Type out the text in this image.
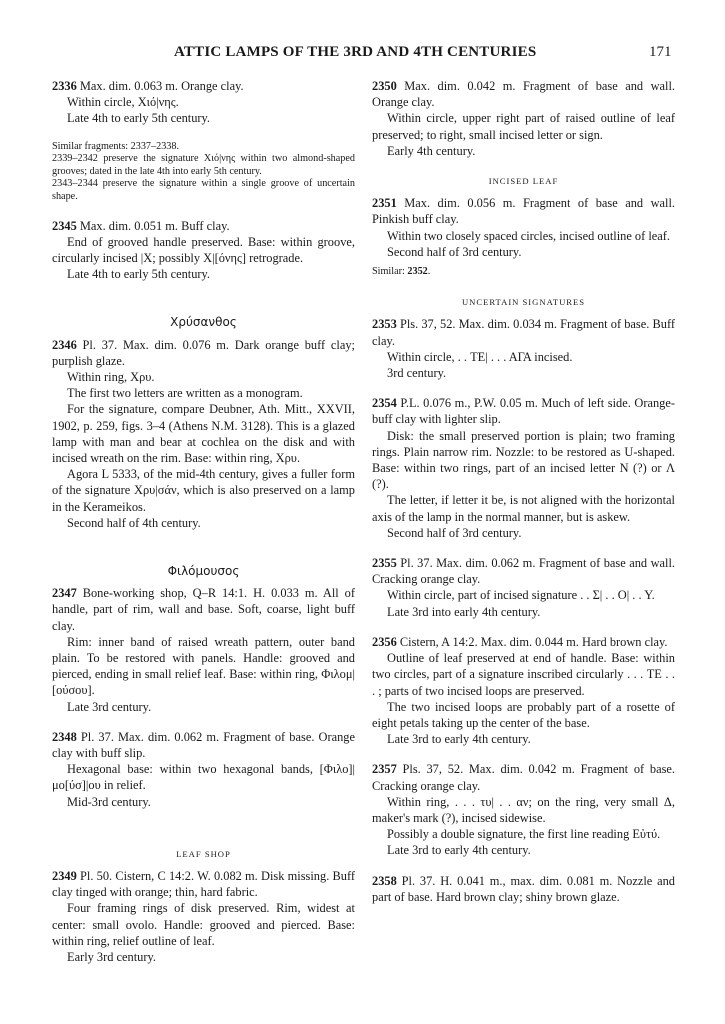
ATTIC LAMPS OF THE 3RD AND 4TH CENTURIES	171

2336 Max. dim. 0.063 m. Orange clay.

Within circle, Χιό|νης.

Late 4th to early 5th century.

Similar fragments: 2337–2338.

2339–2342 preserve the signature Χιό|νης within two almond-shaped grooves; dated in the late 4th into early 5th century.

2343–2344 preserve the signature within a single groove of uncertain shape.

2345 Max. dim. 0.051 m. Buff clay.

End of grooved handle preserved. Base: within groove, circularly incised |Χ; possibly Χ|[όνης] retrograde.

Late 4th to early 5th century.

Χρύσανθος

2346 Pl. 37. Max. dim. 0.076 m. Dark orange buff clay; purplish glaze.

Within ring, Χρυ.

The first two letters are written as a monogram.

For the signature, compare Deubner, Ath. Mitt., XXVII, 1902, p. 259, figs. 3–4 (Athens N.M. 3128). This is a glazed lamp with man and bear at cochlea on the disk and with incised wreath on the rim. Base: within ring, Χρυ.

Agora L 5333, of the mid-4th century, gives a fuller form of the signature Χρυ|σάν, which is also preserved on a lamp in the Kerameikos.

Second half of 4th century.

Φιλόμουσος

2347 Bone-working shop, Q–R 14:1. H. 0.033 m. All of handle, part of rim, wall and base. Soft, coarse, light buff clay.

Rim: inner band of raised wreath pattern, outer band plain. To be restored with panels. Handle: grooved and pierced, ending in small relief leaf. Base: within ring, Φιλομ|[ούσου].

Late 3rd century.

2348 Pl. 37. Max. dim. 0.062 m. Fragment of base. Orange clay with buff slip.

Hexagonal base: within two hexagonal bands, [Φιλο]|μο[ύσ]|ου in relief.

Mid-3rd century.

LEAF SHOP

2349 Pl. 50. Cistern, C 14:2. W. 0.082 m. Disk missing. Buff clay tinged with orange; thin, hard fabric.

Four framing rings of disk preserved. Rim, widest at center: small ovolo. Handle: grooved and pierced. Base: within ring, relief outline of leaf.

Early 3rd century.

2350 Max. dim. 0.042 m. Fragment of base and wall. Orange clay.

Within circle, upper right part of raised outline of leaf preserved; to right, small incised letter or sign.

Early 4th century.

INCISED LEAF

2351 Max. dim. 0.056 m. Fragment of base and wall. Pinkish buff clay.

Within two closely spaced circles, incised outline of leaf.

Second half of 3rd century.

Similar: 2352.

UNCERTAIN SIGNATURES

2353 Pls. 37, 52. Max. dim. 0.034 m. Fragment of base. Buff clay.

Within circle, . . ΤΕ| . . . ΑΓΑ incised.

3rd century.

2354 P.L. 0.076 m., P.W. 0.05 m. Much of left side. Orange-buff clay with lighter slip.

Disk: the small preserved portion is plain; two framing rings. Plain narrow rim. Nozzle: to be restored as U-shaped. Base: within two rings, part of an incised letter Ν (?) or Λ (?).

The letter, if letter it be, is not aligned with the horizontal axis of the lamp in the normal manner, but is askew.

Second half of 3rd century.

2355 Pl. 37. Max. dim. 0.062 m. Fragment of base and wall. Cracking orange clay.

Within circle, part of incised signature . . Σ| . . Ο| . . Υ.

Late 3rd into early 4th century.

2356 Cistern, A 14:2. Max. dim. 0.044 m. Hard brown clay.

Outline of leaf preserved at end of handle. Base: within two circles, part of a signature inscribed circularly . . . ΤΕ . . . ; parts of two incised loops are preserved.

The two incised loops are probably part of a rosette of eight petals taking up the center of the base.

Late 3rd to early 4th century.

2357 Pls. 37, 52. Max. dim. 0.042 m. Fragment of base. Cracking orange clay.

Within ring, . . . τυ| . . αν; on the ring, very small Δ, maker's mark (?), incised sidewise.

Possibly a double signature, the first line reading Εὐτύ.

Late 3rd to early 4th century.

2358 Pl. 37. H. 0.041 m., max. dim. 0.081 m. Nozzle and part of base. Hard brown clay; shiny brown glaze.
